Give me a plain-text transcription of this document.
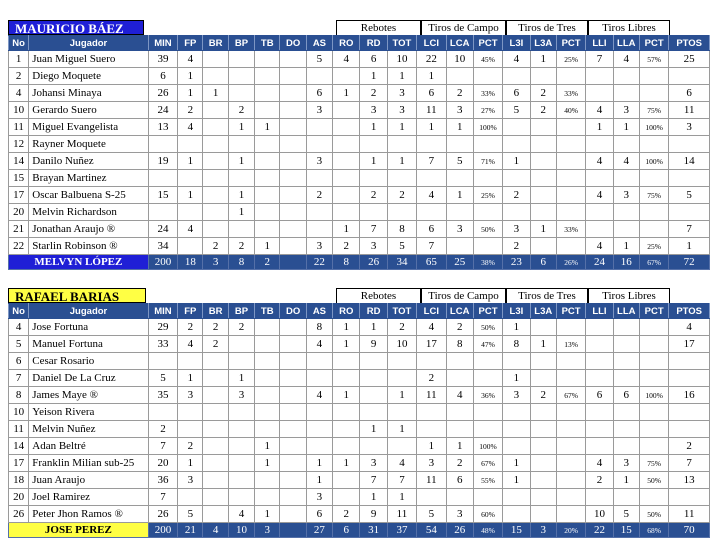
MAURICIO BÁEZ	Rebotes	Tiros de Campo	Tiros de Tres	Tiros Libres
No	Jugador	MIN	FP	BR	BP	TB	DO	AS	RO	RD	TOT	LCI	LCA	PCT	L3I	L3A	PCT	LLI	LLA	PCT	PTOS
1	Juan Miguel Suero	39	4					5	4	6	10	22	10	45%	4	1	25%	7	4	57%	25
2	Diego Moquete	6	1							1	1	1									
4	Johansi Minaya	26	1	1				6	1	2	3	6	2	33%	6	2	33%				6
10	Gerardo Suero	24	2		2			3		3	3	11	3	27%	5	2	40%	4	3	75%	11
11	Miguel Evangelista	13	4		1	1				1	1	1	1	100%				1	1	100%	3
12	Rayner Moquete																				
14	Danilo Nuñez	19	1		1			3		1	1	7	5	71%	1			4	4	100%	14
15	Brayan Martinez																				
17	Oscar Balbuena S-25	15	1		1			2		2	2	4	1	25%	2			4	3	75%	5
20	Melvin Richardson				1																
21	Jonathan Araujo ®	24	4						1	7	8	6	3	50%	3	1	33%				7
22	Starlin Robinson ®	34		2	2	1		3	2	3	5	7			2			4	1	25%	1
MELVYN LÓPEZ		200	18	3	8	2		22	8	26	34	65	25	38%	23	6	26%	24	16	67%	72
RAFAEL BARIAS	Rebotes	Tiros de Campo	Tiros de Tres	Tiros Libres
No	Jugador	MIN	FP	BR	BP	TB	DO	AS	RO	RD	TOT	LCI	LCA	PCT	L3I	L3A	PCT	LLI	LLA	PCT	PTOS
4	Jose Fortuna	29	2	2	2			8	1	1	2	4	2	50%	1						4
5	Manuel Fortuna	33	4	2				4	1	9	10	17	8	47%	8	1	13%				17
6	Cesar Rosario																				
7	Daniel De La Cruz	5	1		1							2			1						
8	James Maye ®	35	3		3			4	1		1	11	4	36%	3	2	67%	6	6	100%	16
10	Yeison Rivera																				
11	Melvin Nuñez	2								1	1										
14	Adan Beltré	7	2			1						1	1	100%							2
17	Franklin Milian sub-25	20	1			1		1	1	3	4	3	2	67%	1			4	3	75%	7
18	Juan Araujo	36	3					1		7	7	11	6	55%	1			2	1	50%	13
20	Joel Ramirez	7						3		1	1										
26	Peter Jhon Ramos ®	26	5		4	1		6	2	9	11	5	3	60%				10	5	50%	11
JOSE PEREZ		200	21	4	10	3		27	6	31	37	54	26	48%	15	3	20%	22	15	68%	70
